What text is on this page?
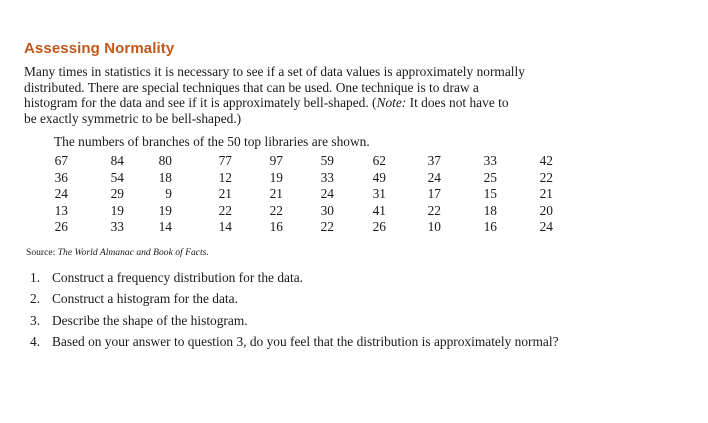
Assessing Normality

Many times in statistics it is necessary to see if a set of data values is approximately normally

distributed. There are special techniques that can be used. One technique is to draw a

histogram for the data and see if it is approximately bell-shaped. (Note: It does not have to

be exactly symmetric to be bell-shaped.)

The numbers of branches of the 50 top libraries are shown.
67	84	80	77	97	59	62	37	33	42
36	54	18	12	19	33	49	24	25	22
24	29	9	21	21	24	31	17	15	21
13	19	19	22	22	30	41	22	18	20
26	33	14	14	16	22	26	10	16	24
Source: The World Almanac and Book of Facts.
1. Construct a frequency distribution for the data.
2. Construct a histogram for the data.
3. Describe the shape of the histogram.
4. Based on your answer to question 3, do you feel that the distribution is approximately normal?
